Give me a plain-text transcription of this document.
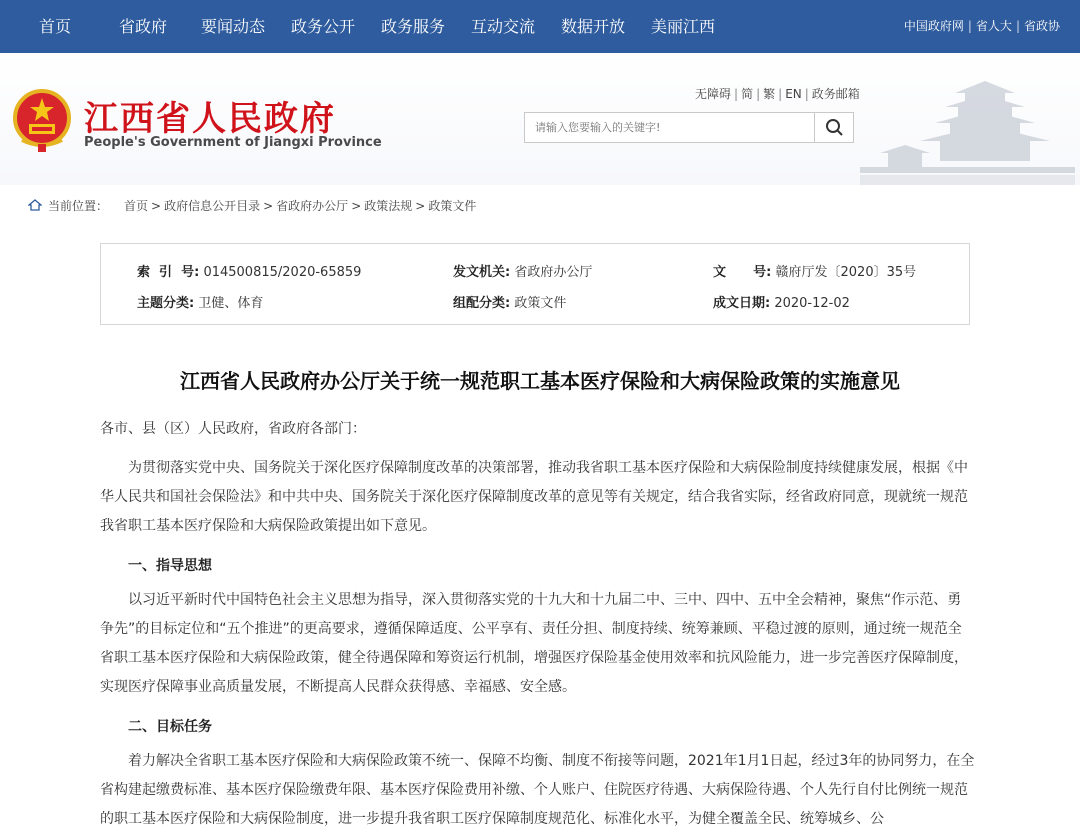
首页	省政府 要闻动态 政务公开 政务服务 互动交流 数据开放 美丽江西	中国政府网 | 省人大 | 省政协
江西省人民政府
People's Government of Jiangxi Province
无障碍 | 简 | 繁 | EN | 政务邮箱
请输入您要输入的关键字!
当前位置： 首页 > 政府信息公开目录 > 省政府办公厅 > 政策法规 > 政策文件
索  引  号: 014500815/2020-65859	发文机关: 省政府办公厅	文      号: 赣府厅发〔2020〕35号
主题分类: 卫健、体育	组配分类: 政策文件	成文日期: 2020-12-02
江西省人民政府办公厅关于统一规范职工基本医疗保险和大病保险政策的实施意见
各市、县（区）人民政府，省政府各部门：
为贯彻落实党中央、国务院关于深化医疗保障制度改革的决策部署，推动我省职工基本医疗保险和大病保险制度持续健康发展，根据《中华人民共和国社会保险法》和中共中央、国务院关于深化医疗保障制度改革的意见等有关规定，结合我省实际，经省政府同意，现就统一规范我省职工基本医疗保险和大病保险政策提出如下意见。
一、指导思想
以习近平新时代中国特色社会主义思想为指导，深入贯彻落实党的十九大和十九届二中、三中、四中、五中全会精神，聚焦“作示范、勇争先”的目标定位和“五个推进”的更高要求，遵循保障适度、公平享有、责任分担、制度持续、统筹兼顾、平稳过渡的原则，通过统一规范全省职工基本医疗保险和大病保险政策，健全待遇保障和筹资运行机制，增强医疗保险基金使用效率和抗风险能力，进一步完善医疗保障制度，实现医疗保障事业高质量发展，不断提高人民群众获得感、幸福感、安全感。
二、目标任务
着力解决全省职工基本医疗保险和大病保险政策不统一、保障不均衡、制度不衔接等问题，2021年1月1日起，经过3年的协同努力，在全省构建起缴费标准、基本医疗保险缴费年限、基本医疗保险费用补缴、个人账户、住院医疗待遇、大病保险待遇、个人先行自付比例统一规范的职工基本医疗保险和大病保险制度，进一步提升我省职工医疗保障制度规范化、标准化水平，为健全覆盖全民、统筹城乡、公
